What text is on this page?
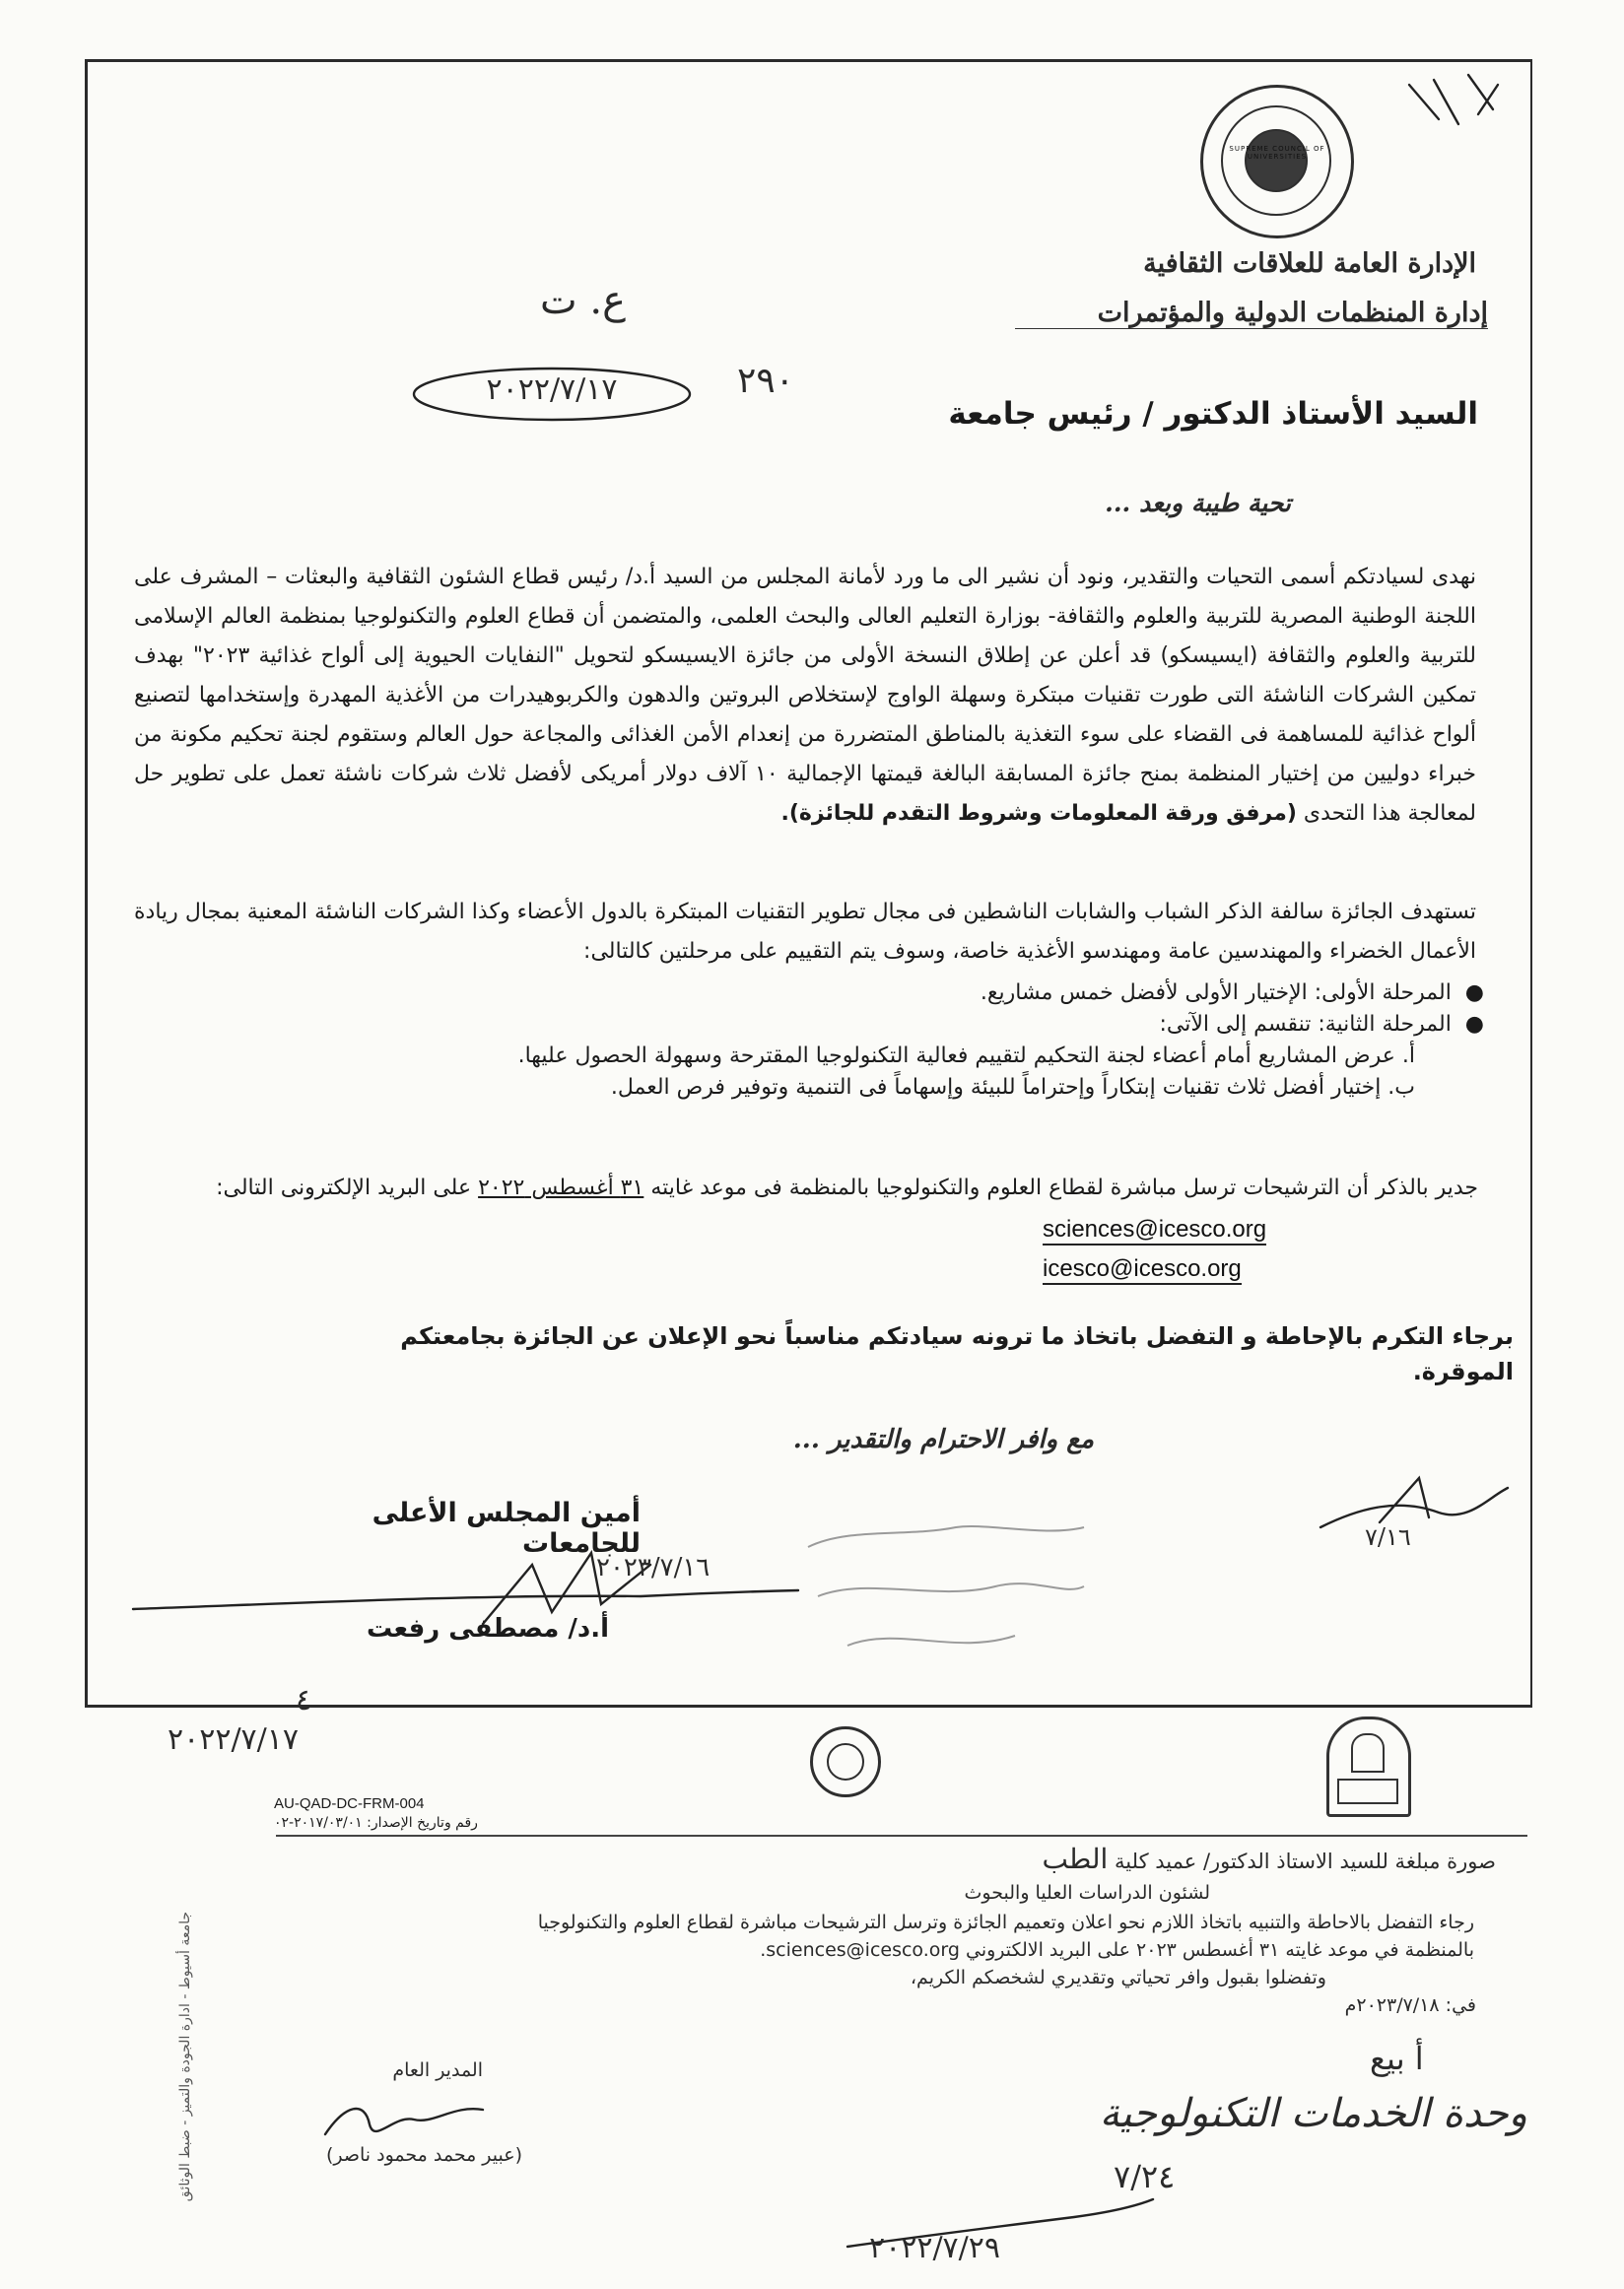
SUPREME COUNCIL OF UNIVERSITIES
الإدارة العامة للعلاقات الثقافية
إدارة المنظمات الدولية والمؤتمرات
ع. ت
٢٩٠
٢٠٢٢/٧/١٧
السيد الأستاذ الدكتور / رئيس جامعة
تحية طيبة وبعد ...
نهدى لسيادتكم أسمى التحيات والتقدير، ونود أن نشير الى ما ورد لأمانة المجلس من السيد أ.د/ رئيس قطاع الشئون الثقافية والبعثات – المشرف على اللجنة الوطنية المصرية للتربية والعلوم والثقافة- بوزارة التعليم العالى والبحث العلمى، والمتضمن أن قطاع العلوم والتكنولوجيا بمنظمة العالم الإسلامى للتربية والعلوم والثقافة (ايسيسكو) قد أعلن عن إطلاق النسخة الأولى من جائزة الايسيسكو لتحويل "النفايات الحيوية إلى ألواح غذائية ٢٠٢٣" بهدف تمكين الشركات الناشئة التى طورت تقنيات مبتكرة وسهلة الواوج لإستخلاص البروتين والدهون والكربوهيدرات من الأغذية المهدرة وإستخدامها لتصنيع ألواح غذائية للمساهمة فى القضاء على سوء التغذية بالمناطق المتضررة من إنعدام الأمن الغذائى والمجاعة حول العالم وستقوم لجنة تحكيم مكونة من خبراء دوليين من إختيار المنظمة بمنح جائزة المسابقة البالغة قيمتها الإجمالية ١٠ آلاف دولار أمريكى لأفضل ثلاث شركات ناشئة تعمل على تطوير حل لمعالجة هذا التحدى (مرفق ورقة المعلومات وشروط التقدم للجائزة).
تستهدف الجائزة سالفة الذكر الشباب والشابات الناشطين فى مجال تطوير التقنيات المبتكرة بالدول الأعضاء وكذا الشركات الناشئة المعنية بمجال ريادة الأعمال الخضراء والمهندسين عامة ومهندسو الأغذية خاصة، وسوف يتم التقييم على مرحلتين كالتالى:
●  المرحلة الأولى: الإختيار الأولى لأفضل خمس مشاريع.
●  المرحلة الثانية: تنقسم إلى الآتى:
أ. عرض المشاريع أمام أعضاء لجنة التحكيم لتقييم فعالية التكنولوجيا المقترحة وسهولة الحصول عليها.
ب. إختيار أفضل ثلاث تقنيات إبتكاراً وإحتراماً للبيئة وإسهاماً فى التنمية وتوفير فرص العمل.
جدير بالذكر أن الترشيحات ترسل مباشرة لقطاع العلوم والتكنولوجيا بالمنظمة فى موعد غايته ٣١ أغسطس ٢٠٢٢ على البريد الإلكترونى التالى:
sciences@icesco.org
icesco@icesco.org
برجاء التكرم بالإحاطة و التفضل باتخاذ ما ترونه سيادتكم مناسباً نحو الإعلان عن الجائزة بجامعتكم الموقرة.
مع وافر الاحترام والتقدير ...
أمين المجلس الأعلى للجامعات
٢٠٢٣/٧/١٦
أ.د/ مصطفى رفعت
٧/١٦
٤
٢٠٢٢/٧/١٧
AU-QAD-DC-FRM-004
رقم وتاريخ الإصدار: ٢٠١٧/٠٣/٠١-٠٢
صورة مبلغة للسيد الاستاذ الدكتور/ عميد كلية الطب
لشئون الدراسات العليا والبحوث
رجاء التفضل بالاحاطة والتنبيه باتخاذ اللازم نحو اعلان وتعميم الجائزة وترسل الترشيحات مباشرة لقطاع العلوم والتكنولوجيا
بالمنظمة في موعد غايته ٣١ أغسطس ٢٠٢٣ على البريد الالكتروني sciences@icesco.org.
وتفضلوا بقبول وافر تحياتي وتقديري لشخصكم الكريم،
في: ٢٠٢٣/٧/١٨م
المدير العام
(عبير محمد محمود ناصر)
جامعة أسيوط - ادارة الجودة والتميز - ضبط الوثائق	أ بيع
وحدة الخدمات التكنولوجية
٧/٢٤
٢٠٢٢/٧/٢٩
